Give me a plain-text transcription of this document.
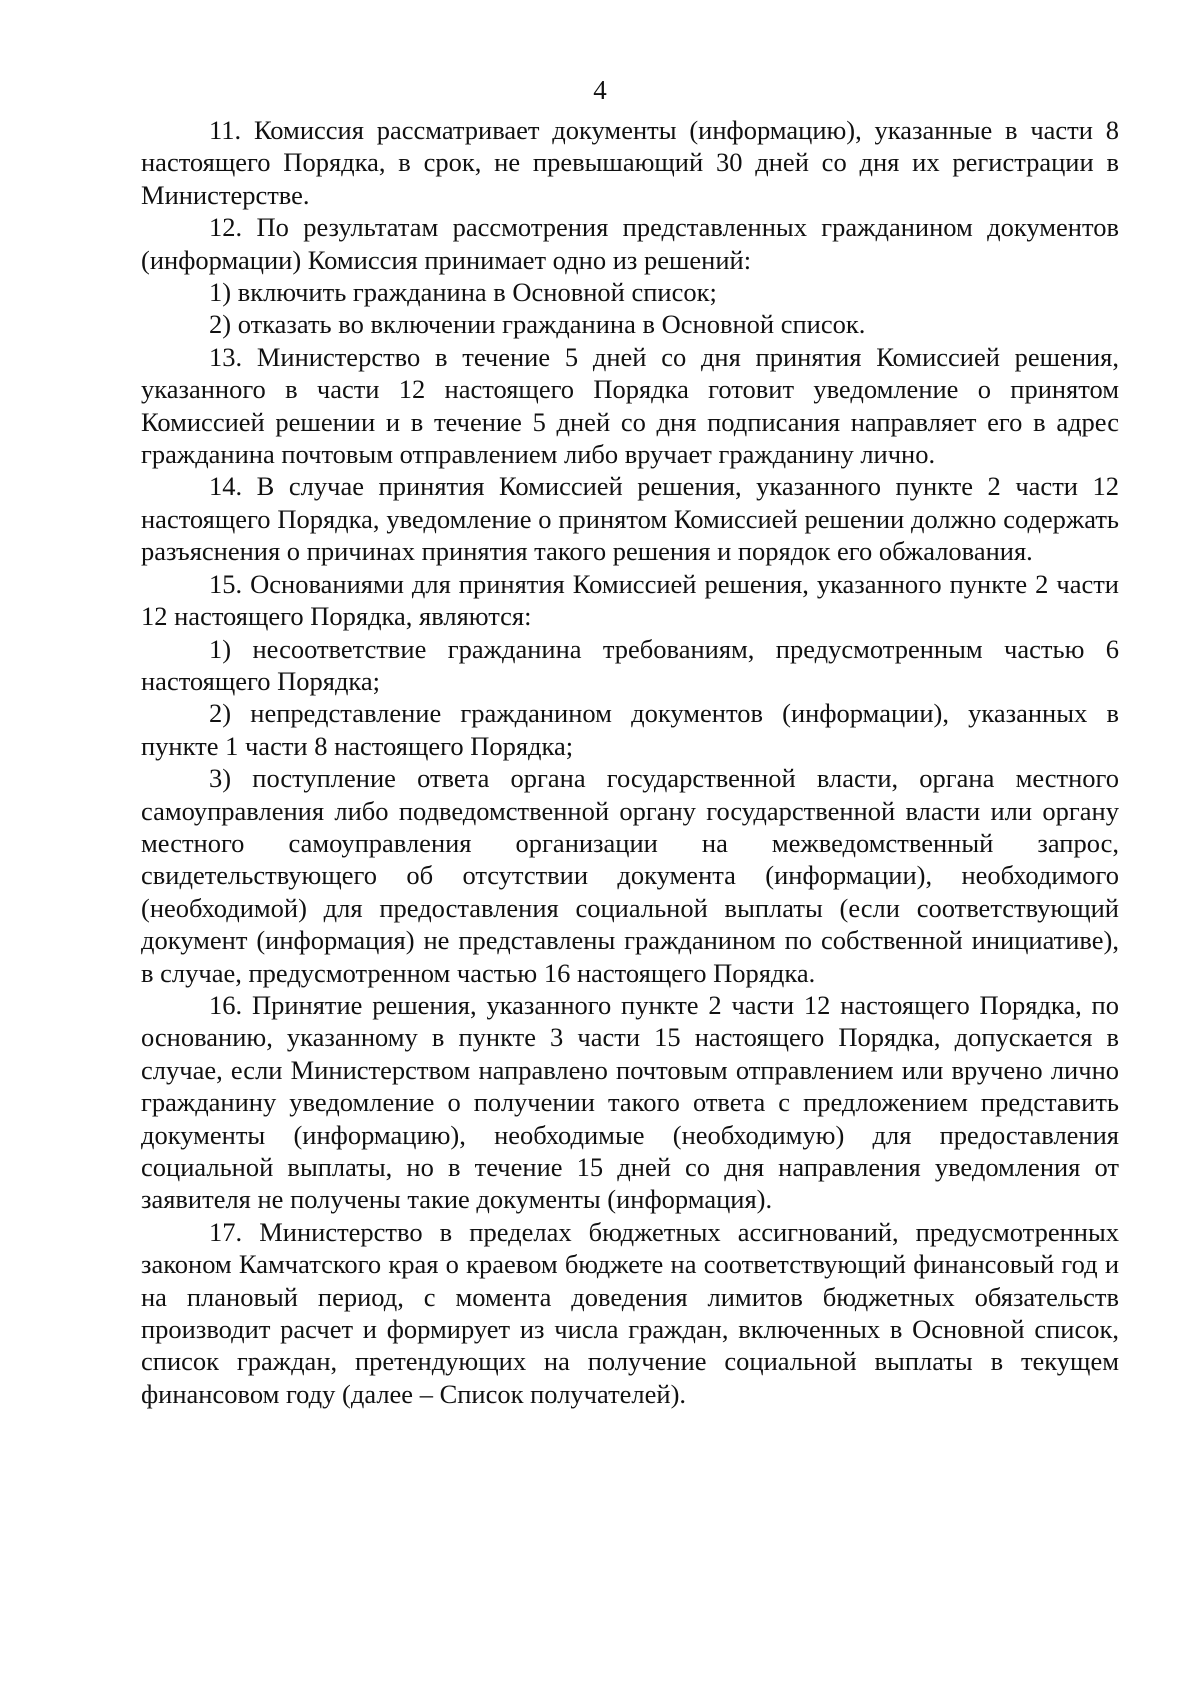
4

11. Комиссия рассматривает документы (информацию), указанные в части 8 настоящего Порядка, в срок, не превышающий 30 дней со дня их регистрации в Министерстве.

12. По результатам рассмотрения представленных гражданином документов (информации) Комиссия принимает одно из решений:

1) включить гражданина в Основной список;

2) отказать во включении гражданина в Основной список.

13. Министерство в течение 5 дней со дня принятия Комиссией решения, указанного в части 12 настоящего Порядка готовит уведомление о принятом Комиссией решении и в течение 5 дней со дня подписания направляет его в адрес гражданина почтовым отправлением либо вручает гражданину лично.

14. В случае принятия Комиссией решения, указанного пункте 2 части 12 настоящего Порядка, уведомление о принятом Комиссией решении должно содержать разъяснения о причинах принятия такого решения и порядок его обжалования.

15. Основаниями для принятия Комиссией решения, указанного пункте 2 части 12 настоящего Порядка, являются:

1) несоответствие гражданина требованиям, предусмотренным частью 6 настоящего Порядка;

2) непредставление гражданином документов (информации), указанных в пункте 1 части 8 настоящего Порядка;

3) поступление ответа органа государственной власти, органа местного самоуправления либо подведомственной органу государственной власти или органу местного самоуправления организации на межведомственный запрос, свидетельствующего об отсутствии документа (информации), необходимого (необходимой) для предоставления социальной выплаты (если соответствующий документ (информация) не представлены гражданином по собственной инициативе), в случае, предусмотренном частью 16 настоящего Порядка.

16. Принятие решения, указанного пункте 2 части 12 настоящего Порядка, по основанию, указанному в пункте 3 части 15 настоящего Порядка, допускается в случае, если Министерством направлено почтовым отправлением или вручено лично гражданину уведомление о получении такого ответа с предложением представить документы (информацию), необходимые (необходимую) для предоставления социальной выплаты, но в течение 15 дней со дня направления уведомления от заявителя не получены такие документы (информация).

17. Министерство в пределах бюджетных ассигнований, предусмотренных законом Камчатского края о краевом бюджете на соответствующий финансовый год и на плановый период, с момента доведения лимитов бюджетных обязательств производит расчет и формирует из числа граждан, включенных в Основной список, список граждан, претендующих на получение социальной выплаты в текущем финансовом году (далее – Список получателей).
